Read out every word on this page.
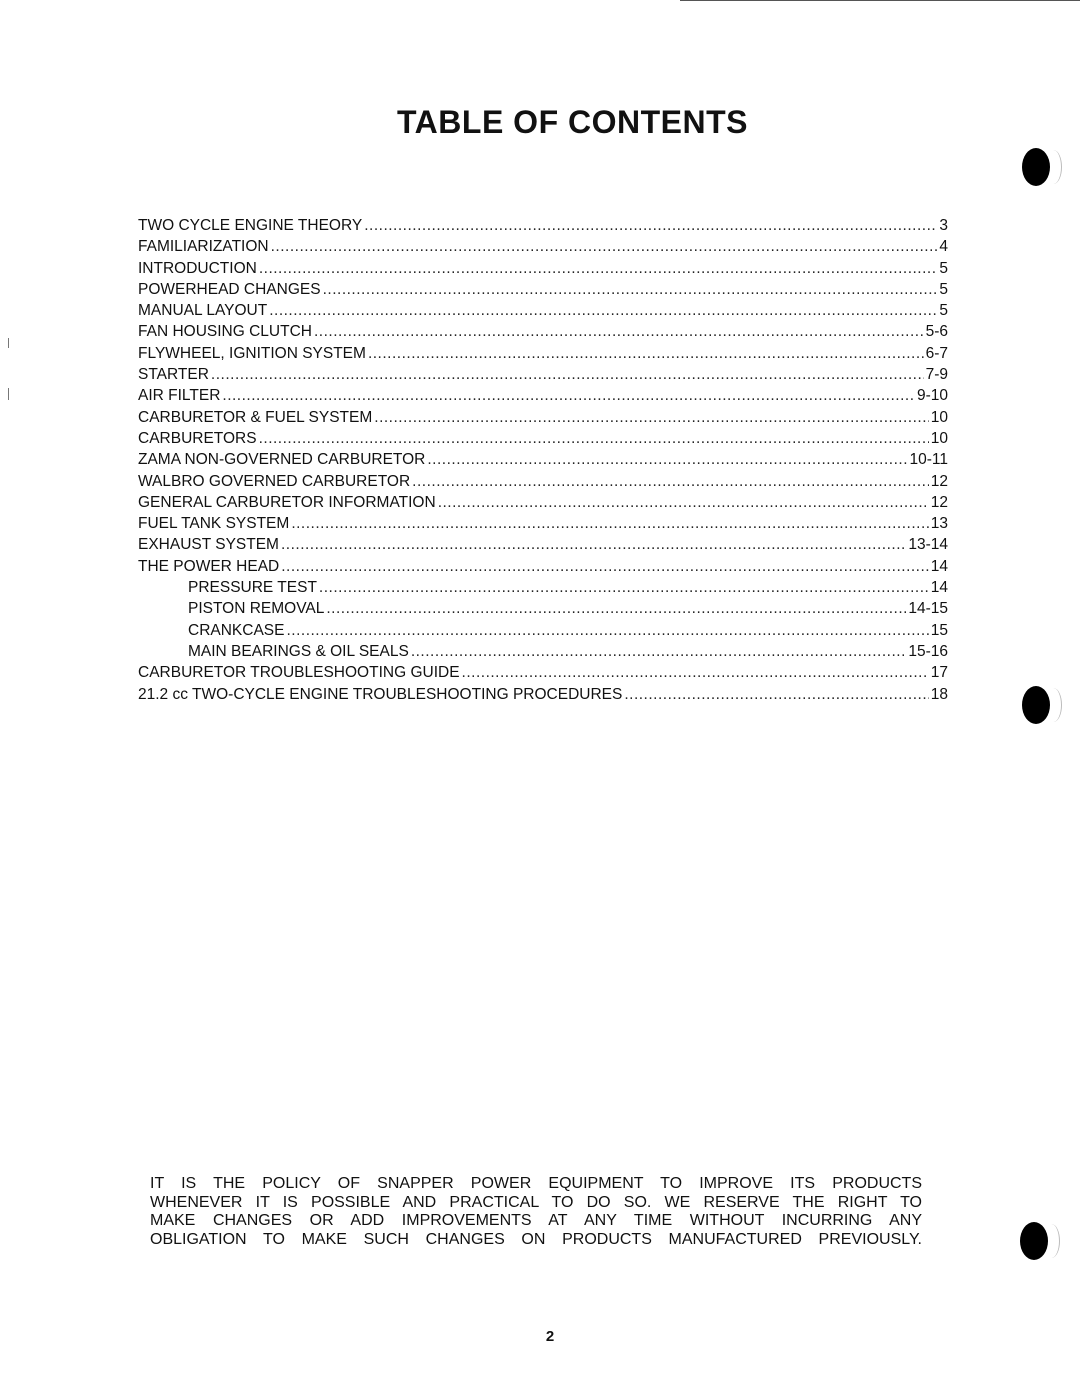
TABLE OF CONTENTS
TWO CYCLE ENGINE THEORY .....	3
FAMILIARIZATION .....	4
INTRODUCTION .....	5
POWERHEAD CHANGES .....	5
MANUAL LAYOUT .....	5
FAN HOUSING CLUTCH .....	5-6
FLYWHEEL, IGNITION SYSTEM .....	6-7
STARTER .....	7-9
AIR FILTER .....	9-10
CARBURETOR & FUEL SYSTEM .....	10
CARBURETORS .....	10
ZAMA NON-GOVERNED CARBURETOR .....	10-11
WALBRO GOVERNED CARBURETOR .....	12
GENERAL CARBURETOR INFORMATION .....	12
FUEL TANK SYSTEM .....	13
EXHAUST SYSTEM .....	13-14
THE POWER HEAD .....	14
PRESSURE TEST .....	14
PISTON REMOVAL .....	14-15
CRANKCASE .....	15
MAIN BEARINGS & OIL SEALS .....	15-16
CARBURETOR TROUBLESHOOTING GUIDE .....	17
21.2 cc TWO-CYCLE ENGINE TROUBLESHOOTING PROCEDURES .....	18

IT IS THE POLICY OF SNAPPER POWER EQUIPMENT TO IMPROVE ITS PRODUCTS
WHENEVER IT IS POSSIBLE AND PRACTICAL TO DO SO. WE RESERVE THE RIGHT TO
MAKE CHANGES OR ADD IMPROVEMENTS AT ANY TIME WITHOUT INCURRING ANY
OBLIGATION TO MAKE SUCH CHANGES ON PRODUCTS MANUFACTURED PREVIOUSLY.

2
